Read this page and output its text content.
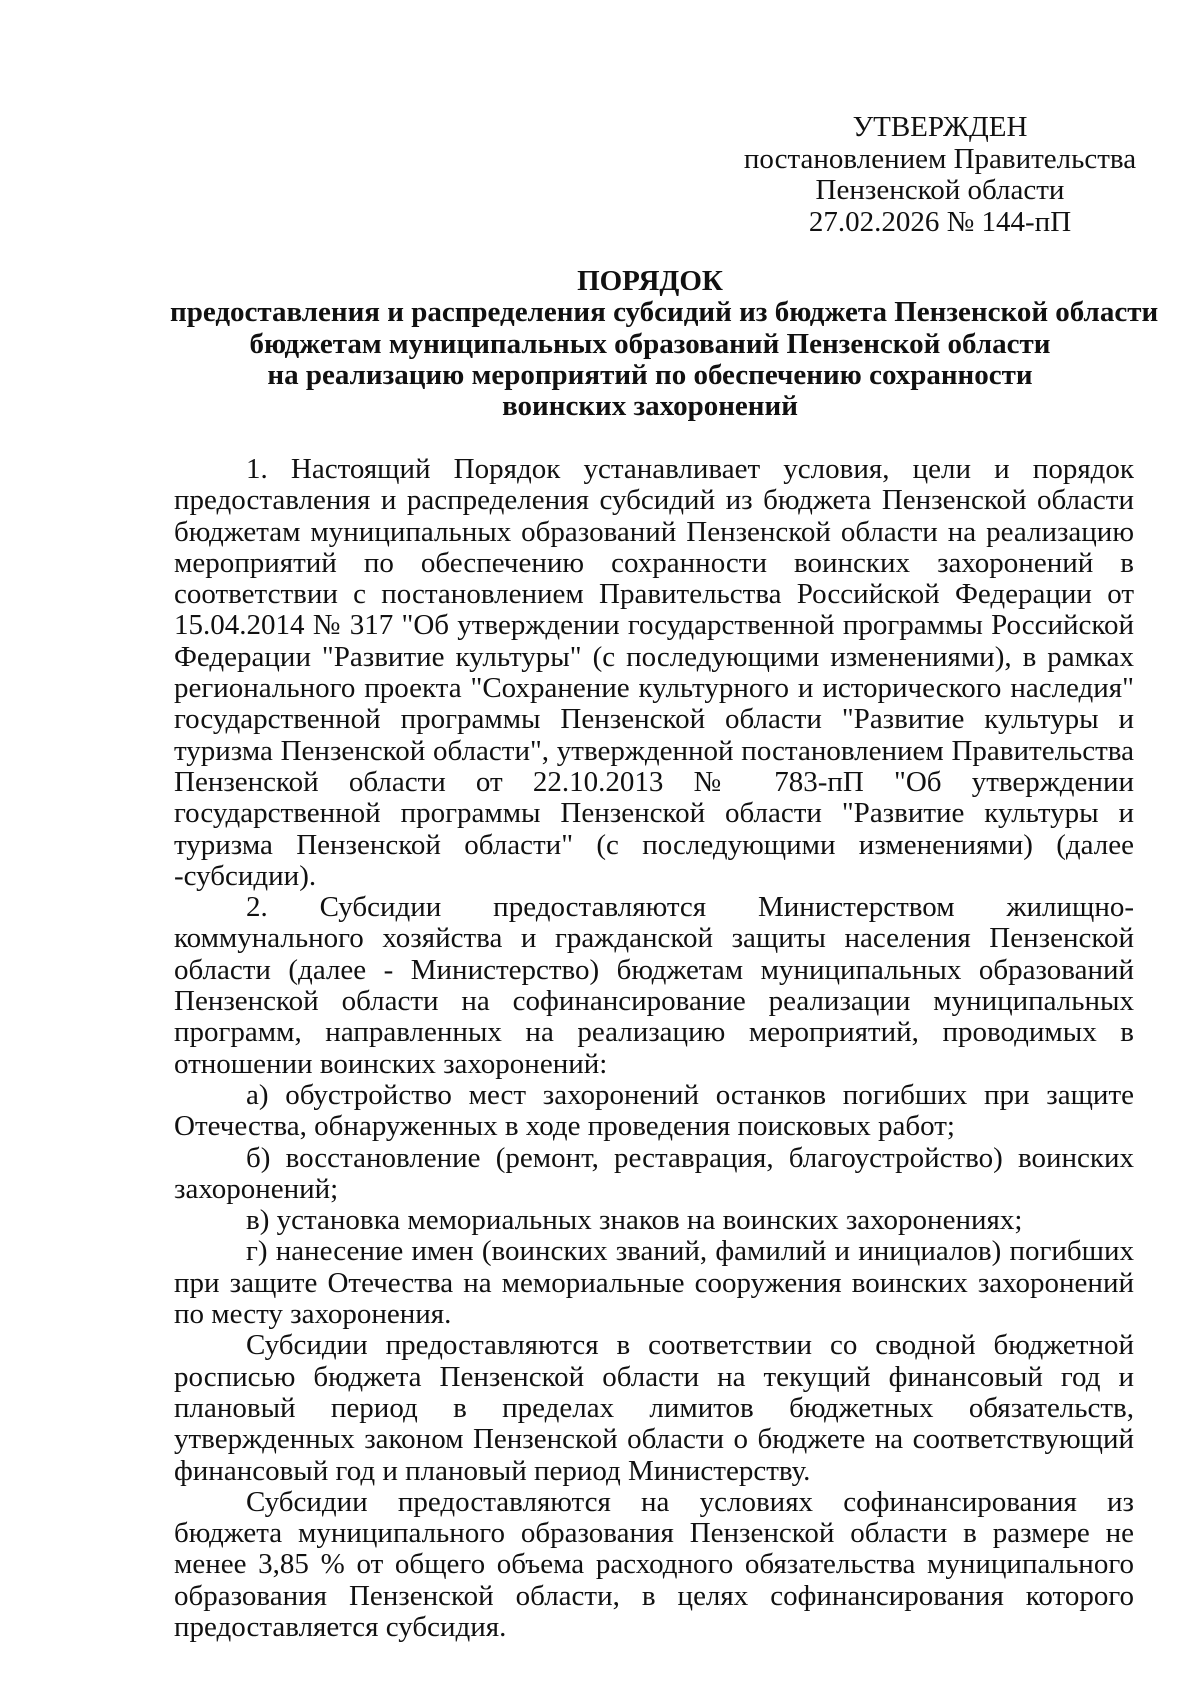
УТВЕРЖДЕН
постановлением Правительства
Пензенской области
27.02.2026 № 144-пП
ПОРЯДОК
предоставления и распределения субсидий из бюджета Пензенской области
бюджетам муниципальных образований Пензенской области
на реализацию мероприятий по обеспечению сохранности
воинских захоронений

1. Настоящий Порядок устанавливает условия, цели и порядок предоставления и распределения субсидий из бюджета Пензенской области бюджетам муниципальных образований Пензенской области на реализацию мероприятий по обеспечению сохранности воинских захоронений в соответствии с постановлением Правительства Российской Федерации от 15.04.2014 № 317 "Об утверждении государственной программы Российской Федерации "Развитие культуры" (с последующими изменениями), в рамках регионального проекта "Сохранение культурного и исторического наследия" государственной программы Пензенской области "Развитие культуры и туризма Пензенской области", утвержденной постановлением Правительства Пензенской области от 22.10.2013 № 783-пП "Об утверждении государственной программы Пензенской области "Развитие культуры и туризма Пензенской области" (с последующими изменениями) (далее -субсидии).

2. Субсидии предоставляются Министерством жилищно-коммунального хозяйства и гражданской защиты населения Пензенской области (далее - Министерство) бюджетам муниципальных образований Пензенской области на софинансирование реализации муниципальных программ, направленных на реализацию мероприятий, проводимых в отношении воинских захоронений:

а) обустройство мест захоронений останков погибших при защите Отечества, обнаруженных в ходе проведения поисковых работ;

б) восстановление (ремонт, реставрация, благоустройство) воинских захоронений;

в) установка мемориальных знаков на воинских захоронениях;

г) нанесение имен (воинских званий, фамилий и инициалов) погибших при защите Отечества на мемориальные сооружения воинских захоронений по месту захоронения.

Субсидии предоставляются в соответствии со сводной бюджетной росписью бюджета Пензенской области на текущий финансовый год и плановый период в пределах лимитов бюджетных обязательств, утвержденных законом Пензенской области о бюджете на соответствующий финансовый год и плановый период Министерству.

Субсидии предоставляются на условиях софинансирования из бюджета муниципального образования Пензенской области в размере не менее 3,85 % от общего объема расходного обязательства муниципального образования Пензенской области, в целях софинансирования которого предоставляется субсидия.
